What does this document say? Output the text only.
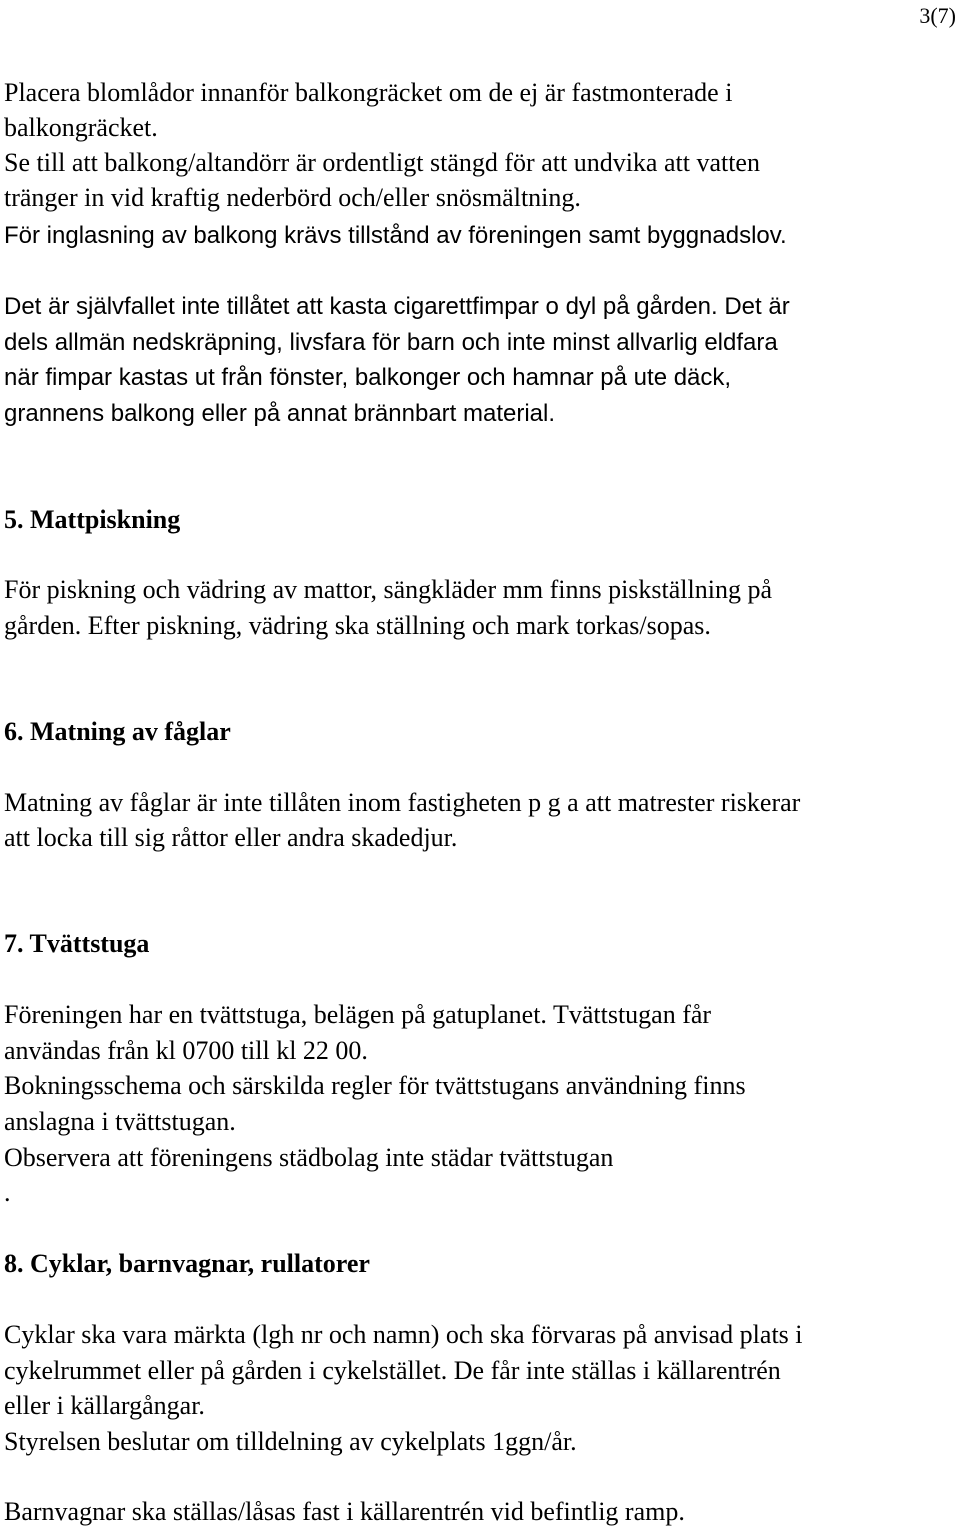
3(7)
Placera blomlådor innanför balkongräcket om de ej är fastmonterade i
balkongräcket.
Se till att balkong/altandörr är ordentligt stängd för att undvika att vatten
tränger in vid kraftig nederbörd och/eller snösmältning.
För inglasning av balkong krävs tillstånd av föreningen samt byggnadslov.
Det är självfallet inte tillåtet att kasta cigarettfimpar o dyl på gården. Det är
dels allmän nedskräpning, livsfara för barn och inte minst allvarlig eldfara
när fimpar kastas ut från fönster, balkonger och hamnar på ute däck,
grannens balkong eller på annat brännbart material.
5. Mattpiskning
För piskning och vädring av mattor, sängkläder mm finns piskställning på
gården. Efter piskning, vädring ska ställning och mark torkas/sopas.
6. Matning av fåglar
Matning av fåglar är inte tillåten inom fastigheten p g a att matrester riskerar
att locka till sig råttor eller andra skadedjur.
7. Tvättstuga
Föreningen har en tvättstuga, belägen på gatuplanet. Tvättstugan får
användas från kl 0700 till kl 22 00.
Bokningsschema och särskilda regler för tvättstugans användning finns
anslagna i tvättstugan.
Observera att föreningens städbolag inte städar tvättstugan
.
8. Cyklar, barnvagnar, rullatorer
Cyklar ska vara märkta (lgh nr och namn) och ska förvaras på anvisad plats i
cykelrummet eller på gården i cykelstället. De får inte ställas i källarentrén
eller i källargångar.
Styrelsen beslutar om tilldelning av cykelplats 1ggn/år.
Barnvagnar ska ställas/låsas fast i källarentrén vid befintlig ramp.
